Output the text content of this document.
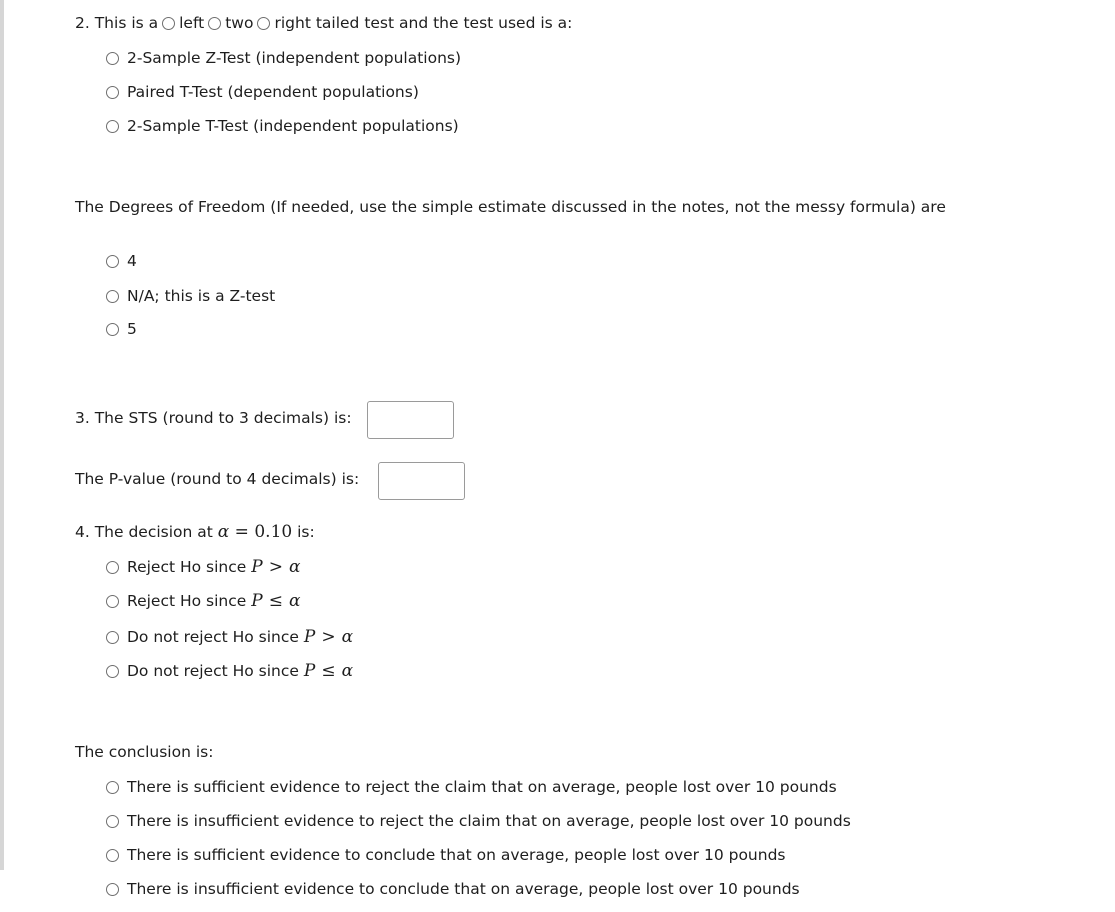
2. This is a left two right tailed test and the test used is a:
2-Sample Z-Test (independent populations)
Paired T-Test (dependent populations)
2-Sample T-Test (independent populations)
The Degrees of Freedom (If needed, use the simple estimate discussed in the notes, not the messy formula) are
4
N/A; this is a Z-test
5
3. The STS (round to 3 decimals) is:
The P-value (round to 4 decimals) is:
4. The decision at α = 0.10 is:
Reject Ho since P > α
Reject Ho since P ≤ α
Do not reject Ho since P > α
Do not reject Ho since P ≤ α
The conclusion is:
There is sufficient evidence to reject the claim that on average, people lost over 10 pounds
There is insufficient evidence to reject the claim that on average, people lost over 10 pounds
There is sufficient evidence to conclude that on average, people lost over 10 pounds
There is insufficient evidence to conclude that on average, people lost over 10 pounds
